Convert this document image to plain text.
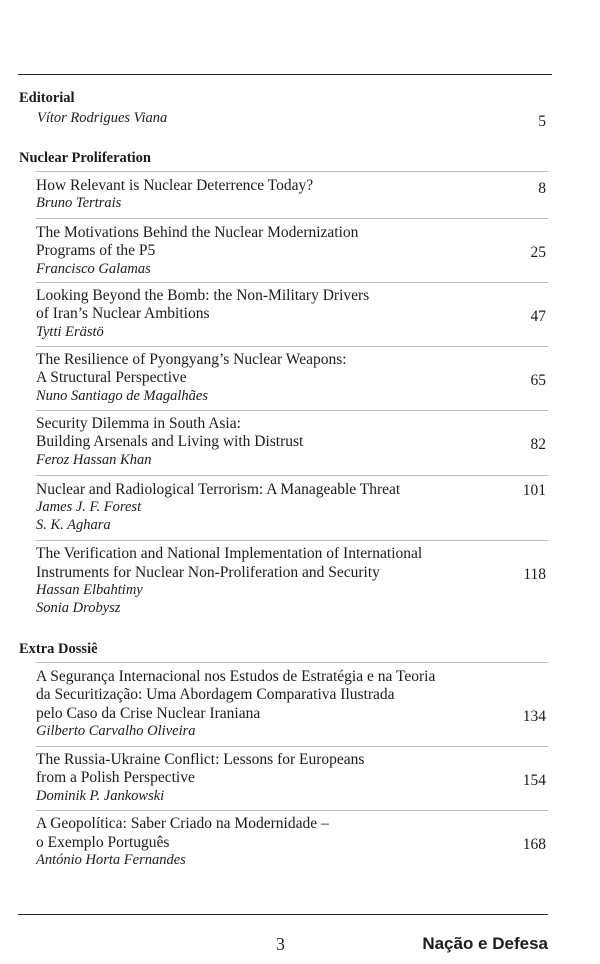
Editorial
Vítor Rodrigues Viana	5
Nuclear Proliferation
How Relevant is Nuclear Deterrence Today?
Bruno Tertrais
8
The Motivations Behind the Nuclear Modernization
Programs of the P5
Francisco Galamas
25
Looking Beyond the Bomb: the Non-Military Drivers
of Iran’s Nuclear Ambitions
Tytti Erästö
47
The Resilience of Pyongyang’s Nuclear Weapons:
A Structural Perspective
Nuno Santiago de Magalhães
65
Security Dilemma in South Asia:
Building Arsenals and Living with Distrust
Feroz Hassan Khan
82
Nuclear and Radiological Terrorism: A Manageable Threat
James J. F. Forest
S. K. Aghara
101
The Verification and National Implementation of International
Instruments for Nuclear Non-Proliferation and Security
Hassan Elbahtimy
Sonia Drobysz
118
Extra Dossiê
A Segurança Internacional nos Estudos de Estratégia e na Teoria
da Securitização: Uma Abordagem Comparativa Ilustrada
pelo Caso da Crise Nuclear Iraniana
Gilberto Carvalho Oliveira
134
The Russia-Ukraine Conflict: Lessons for Europeans
from a Polish Perspective
Dominik P. Jankowski
154
A Geopolítica: Saber Criado na Modernidade –
o Exemplo Português
António Horta Fernandes
168
3	Nação e Defesa
